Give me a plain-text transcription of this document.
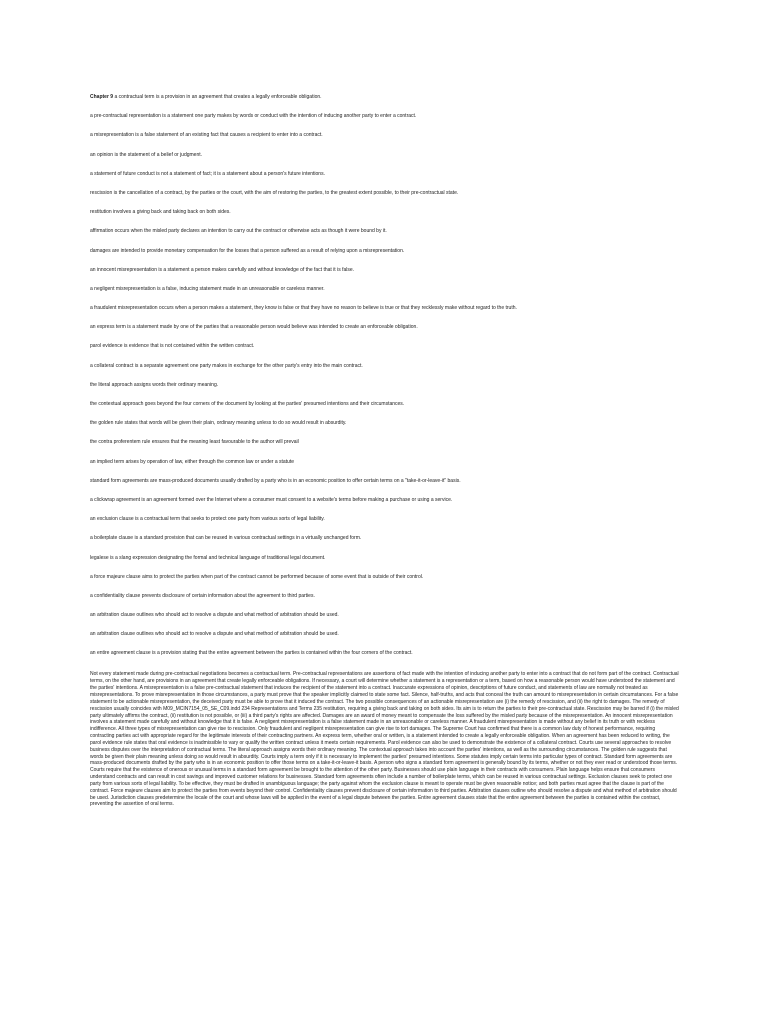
Chapter 9 a contractual term is a provision in an agreement that creates a legally enforceable obligation.

a pre-contractual representation is a statement one party makes by words or conduct with the intention of inducing another party to enter a contract.

a misrepresentation is a false statement of an existing fact that causes a recipient to enter into a contract.

an opinion is the statement of a belief or judgment.

a statement of future conduct is not a statement of fact; it is a statement about a person's future intentions.

rescission is the cancellation of a contract, by the parties or the court, with the aim of restoring the parties, to the greatest extent possible, to their pre-contractual state.

restitution involves a giving back and taking back on both sides.

affirmation occurs when the misled party declares an intention to carry out the contract or otherwise acts as though it were bound by it.

damages are intended to provide monetary compensation for the losses that a person suffered as a result of relying upon a misrepresentation.

an innocent misrepresentation is a statement a person makes carefully and without knowledge of the fact that it is false.

a negligent misrepresentation is a false, inducing statement made in an unreasonable or careless manner.

a fraudulent misrepresentation occurs when a person makes a statement, they know is false or that they have no reason to believe is true or that they recklessly make without regard to the truth.

an express term is a statement made by one of the parties that a reasonable person would believe was intended to create an enforceable obligation.

parol evidence is evidence that is not contained within the written contract.

a collateral contract is a separate agreement one party makes in exchange for the other party's entry into the main contract.

the literal approach assigns words their ordinary meaning.

the contextual approach goes beyond the four corners of the document by looking at the parties' presumed intentions and their circumstances.

the golden rule states that words will be given their plain, ordinary meaning unless to do so would result in absurdity.

the contra proferentem rule ensures that the meaning least favourable to the author will prevail

an implied term arises by operation of law, either through the common law or under a statute

standard form agreements are mass-produced documents usually drafted by a party who is in an economic position to offer certain terms on a "take-it-or-leave-it" basis.

a clickwrap agreement is an agreement formed over the Internet where a consumer must consent to a website's terms before making a purchase or using a service.

an exclusion clause is a contractual term that seeks to protect one party from various sorts of legal liability.

a boilerplate clause is a standard provision that can be reused in various contractual settings in a virtually unchanged form.

legalese is a slang expression designating the formal and technical language of traditional legal document.

a force majeure clause aims to protect the parties when part of the contract cannot be performed because of some event that is outside of their control.

a confidentiality clause prevents disclosure of certain information about the agreement to third parties.

an arbitration clause outlines who should act to resolve a dispute and what method of arbitration should be used.

an arbitration clause outlines who should act to resolve a dispute and what method of arbitration should be used.

an entire agreement clause is a provision stating that the entire agreement between the parties is contained within the four corners of the contract.

Not every statement made during pre-contractual negotiations becomes a contractual term. Pre-contractual representations are assertions of fact made with the intention of inducing another party to enter into a contract that do not form part of the contract. Contractual terms, on the other hand, are provisions in an agreement that create legally enforceable obligations. If necessary, a court will determine whether a statement is a representation or a term, based on how a reasonable person would have understood the statement and the parties' intentions. A misrepresentation is a false pre-contractual statement that induces the recipient of the statement into a contract. Inaccurate expressions of opinion, descriptions of future conduct, and statements of law are normally not treated as misrepresentations. To prove misrepresentation in those circumstances, a party must prove that the speaker implicitly claimed to state some fact. Silence, half-truths, and acts that conceal the truth can amount to misrepresentation in certain circumstances. For a false statement to be actionable misrepresentation, the deceived party must be able to prove that it induced the contract. The two possible consequences of an actionable misrepresentation are (i) the remedy of rescission, and (ii) the right to damages. The remedy of rescission usually coincides with M09_MCIN7154_05_SE_C09.indd 234 Representations and Terms 235 restitution, requiring a giving back and taking on both sides. Its aim is to return the parties to their pre-contractual state. Rescission may be barred if (i) the misled party ultimately affirms the contract, (ii) restitution is not possible, or (iii) a third party's rights are affected. Damages are an award of money meant to compensate the loss suffered by the misled party because of the misrepresentation. An innocent misrepresentation involves a statement made carefully and without knowledge that it is false. A negligent misrepresentation is a false statement made in an unreasonable or careless manner. A fraudulent misrepresentation is made without any belief in its truth or with reckless indifference. All three types of misrepresentation can give rise to rescission. Only fraudulent and negligent misrepresentation can give rise to tort damages. The Supreme Court has confirmed that there is a common law duty of honest performance, requiring contracting parties act with appropriate regard for the legitimate interests of their contracting partners. An express term, whether oral or written, is a statement intended to create a legally enforceable obligation. When an agreement has been reduced to writing, the parol evidence rule states that oral evidence is inadmissible to vary or qualify the written contract unless it meets certain requirements. Parol evidence can also be used to demonstrate the existence of a collateral contract. Courts use several approaches to resolve business disputes over the interpretation of contractual terms. The literal approach assigns words their ordinary meaning. The contextual approach takes into account the parties' intentions, as well as the surrounding circumstances. The golden rule suggests that words be given their plain meaning unless doing so would result in absurdity. Courts imply a term only if it is necessary to implement the parties' presumed intentions. Some statutes imply certain terms into particular types of contract. Standard form agreements are mass-produced documents drafted by the party who is in an economic position to offer those terms on a take-it-or-leave-it basis. A person who signs a standard form agreement is generally bound by its terms, whether or not they ever read or understood those terms. Courts require that the existence of onerous or unusual terms in a standard form agreement be brought to the attention of the other party. Businesses should use plain language in their contracts with consumers. Plain language helps ensure that consumers understand contracts and can result in cost savings and improved customer relations for businesses. Standard form agreements often include a number of boilerplate terms, which can be reused in various contractual settings. Exclusion clauses seek to protect one party from various sorts of legal liability. To be effective, they must be drafted in unambiguous language; the party against whom the exclusion clause is meant to operate must be given reasonable notice; and both parties must agree that the clause is part of the contract. Force majeure clauses aim to protect the parties from events beyond their control. Confidentiality clauses prevent disclosure of certain information to third parties. Arbitration clauses outline who should resolve a dispute and what method of arbitration should be used. Jurisdiction clauses predetermine the locale of the court and whose laws will be applied in the event of a legal dispute between the parties. Entire agreement clauses state that the entire agreement between the parties is contained within the contract, preventing the assertion of oral terms.
